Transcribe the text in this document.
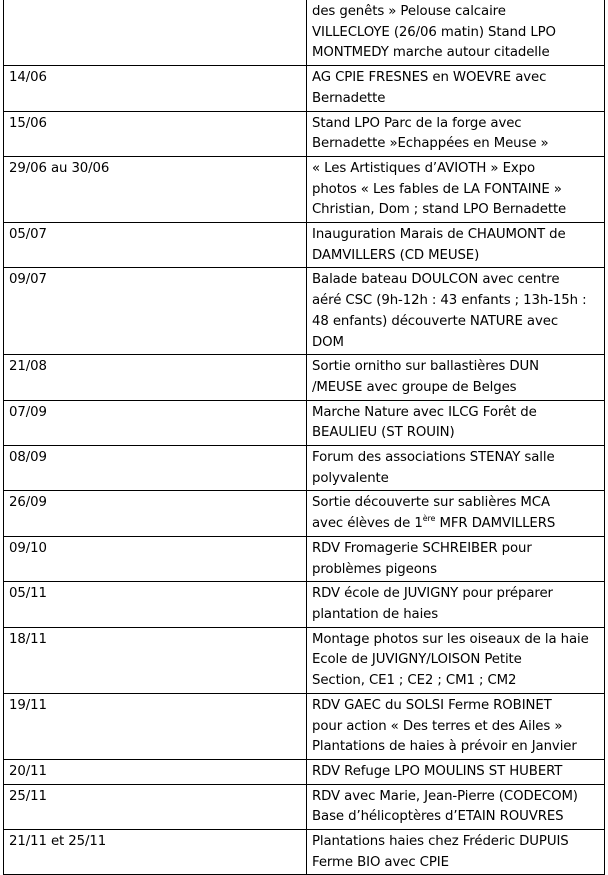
	des genêts » Pelouse calcaire
VILLECLOYE (26/06 matin) Stand LPO
MONTMEDY marche autour citadelle

14/06	AG CPIE FRESNES en WOEVRE avec
Bernadette

15/06	Stand LPO Parc de la forge avec
Bernadette »Echappées en Meuse »

29/06 au 30/06	« Les Artistiques d’AVIOTH » Expo
photos « Les fables de LA FONTAINE »
Christian, Dom ; stand LPO Bernadette

05/07	Inauguration Marais de CHAUMONT de
DAMVILLERS (CD MEUSE)

09/07	Balade bateau DOULCON avec centre
aéré CSC (9h-12h : 43 enfants ; 13h-15h :
48 enfants) découverte NATURE avec
DOM

21/08	Sortie ornitho sur ballastières DUN
/MEUSE avec groupe de Belges

07/09	Marche Nature avec ILCG Forêt de
BEAULIEU (ST ROUIN)

08/09	Forum des associations STENAY salle
polyvalente

26/09	Sortie découverte sur sablières MCA
avec élèves de 1ère MFR DAMVILLERS

09/10	RDV Fromagerie SCHREIBER pour
problèmes pigeons

05/11	RDV école de JUVIGNY pour préparer
plantation de haies

18/11	Montage photos sur les oiseaux de la haie
Ecole de JUVIGNY/LOISON Petite
Section, CE1 ; CE2 ; CM1 ; CM2

19/11	RDV GAEC du SOLSI Ferme ROBINET
pour action « Des terres et des Ailes »
Plantations de haies à prévoir en Janvier

20/11	RDV Refuge LPO MOULINS ST HUBERT

25/11	RDV avec Marie, Jean-Pierre (CODECOM)
Base d’hélicoptères d’ETAIN ROUVRES

21/11 et 25/11	Plantations haies chez Fréderic DUPUIS
Ferme BIO avec CPIE
